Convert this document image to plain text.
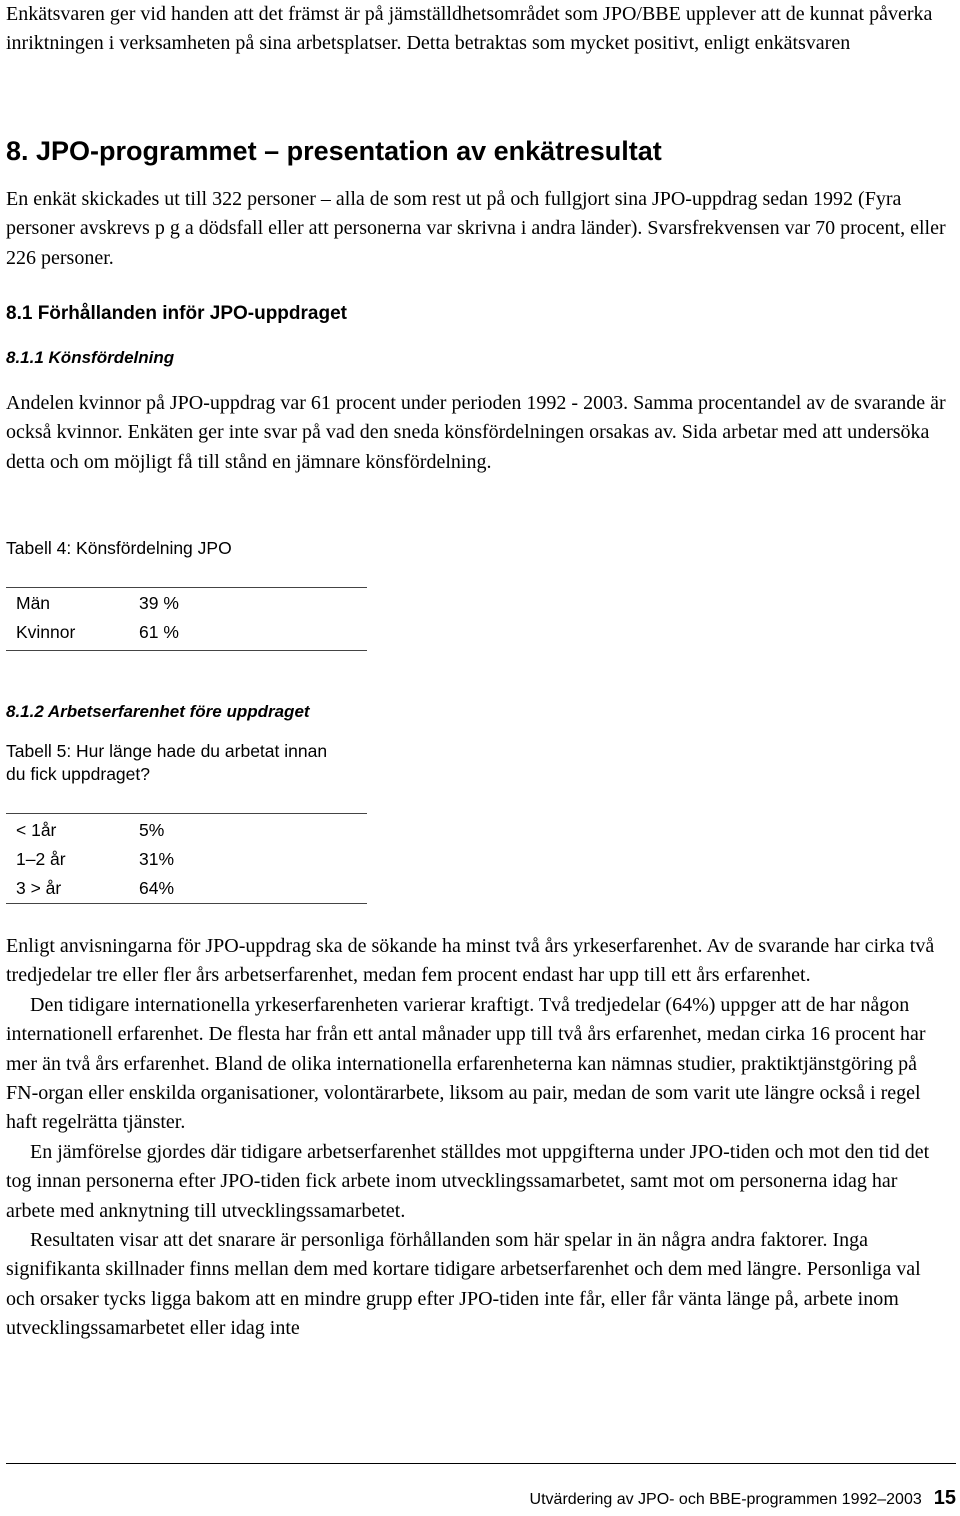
Enkätsvaren ger vid handen att det främst är på jämställdhetsområdet som JPO/BBE upplever att de kunnat påverka inriktningen i verksamheten på sina arbetsplatser. Detta betraktas som mycket positivt, enligt enkätsvaren

8. JPO-programmet – presentation av enkätresultat

En enkät skickades ut till 322 personer – alla de som rest ut på och fullgjort sina JPO-uppdrag sedan 1992 (Fyra personer avskrevs p g a dödsfall eller att personerna var skrivna i andra länder). Svarsfrekvensen var 70 procent, eller 226 personer.

8.1 Förhållanden inför JPO-uppdraget
8.1.1 Könsfördelning

Andelen kvinnor på JPO-uppdrag var 61 procent under perioden 1992 - 2003. Samma procentandel av de svarande är också kvinnor. Enkäten ger inte svar på vad den sneda könsfördelningen orsakas av. Sida arbetar med att undersöka detta och om möjligt få till stånd en jämnare könsfördelning.

Tabell 4: Könsfördelning JPO
Män	39 %
Kvinnor	61 %
8.1.2 Arbetserfarenhet före uppdraget
Tabell 5: Hur länge hade du arbetat innan du fick uppdraget?
< 1år	5%
1–2 år	31%
3 > år	64%

Enligt anvisningarna för JPO-uppdrag ska de sökande ha minst två års yrkeserfarenhet. Av de svarande har cirka två tredjedelar tre eller fler års arbetserfarenhet, medan fem procent endast har upp till ett års erfarenhet.

Den tidigare internationella yrkeserfarenheten varierar kraftigt. Två tredjedelar (64%) uppger att de har någon internationell erfarenhet. De flesta har från ett antal månader upp till två års erfarenhet, medan cirka 16 procent har mer än två års erfarenhet. Bland de olika internationella erfarenheterna kan nämnas studier, praktiktjänstgöring på FN-organ eller enskilda organisationer, volontärarbete, liksom au pair, medan de som varit ute längre också i regel haft regelrätta tjänster.

En jämförelse gjordes där tidigare arbetserfarenhet ställdes mot uppgifterna under JPO-tiden och mot den tid det tog innan personerna efter JPO-tiden fick arbete inom utvecklingssamarbetet, samt mot om personerna idag har arbete med anknytning till utvecklingssamarbetet.

Resultaten visar att det snarare är personliga förhållanden som här spelar in än några andra faktorer. Inga signifikanta skillnader finns mellan dem med kortare tidigare arbetserfarenhet och dem med längre. Personliga val och orsaker tycks ligga bakom att en mindre grupp efter JPO-tiden inte får, eller får vänta länge på, arbete inom utvecklingssamarbetet eller idag inte

Utvärdering av JPO- och BBE-programmen 1992–2003 15
